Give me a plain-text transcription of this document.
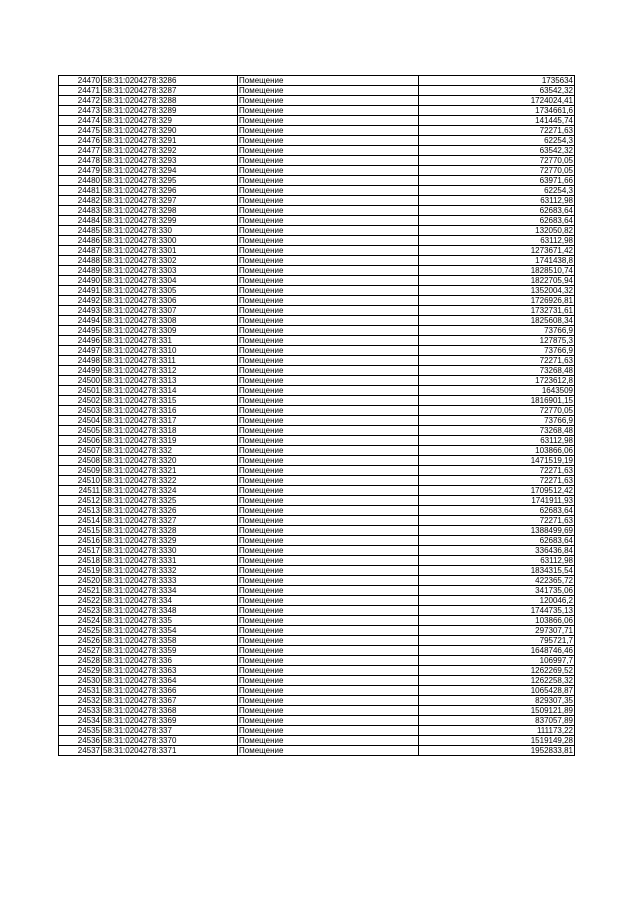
24470	58:31:0204278:3286	Помещение	1735634
24471	58:31:0204278:3287	Помещение	63542,32
24472	58:31:0204278:3288	Помещение	1724024,41
24473	58:31:0204278:3289	Помещение	1734661,6
24474	58:31:0204278:329	Помещение	141445,74
24475	58:31:0204278:3290	Помещение	72271,63
24476	58:31:0204278:3291	Помещение	62254,3
24477	58:31:0204278:3292	Помещение	63542,32
24478	58:31:0204278:3293	Помещение	72770,05
24479	58:31:0204278:3294	Помещение	72770,05
24480	58:31:0204278:3295	Помещение	63971,66
24481	58:31:0204278:3296	Помещение	62254,3
24482	58:31:0204278:3297	Помещение	63112,98
24483	58:31:0204278:3298	Помещение	62683,64
24484	58:31:0204278:3299	Помещение	62683,64
24485	58:31:0204278:330	Помещение	132050,82
24486	58:31:0204278:3300	Помещение	63112,98
24487	58:31:0204278:3301	Помещение	1273671,42
24488	58:31:0204278:3302	Помещение	1741438,8
24489	58:31:0204278:3303	Помещение	1828510,74
24490	58:31:0204278:3304	Помещение	1822705,94
24491	58:31:0204278:3305	Помещение	1352004,32
24492	58:31:0204278:3306	Помещение	1726926,81
24493	58:31:0204278:3307	Помещение	1732731,61
24494	58:31:0204278:3308	Помещение	1825608,34
24495	58:31:0204278:3309	Помещение	73766,9
24496	58:31:0204278:331	Помещение	127875,3
24497	58:31:0204278:3310	Помещение	73766,9
24498	58:31:0204278:3311	Помещение	72271,63
24499	58:31:0204278:3312	Помещение	73268,48
24500	58:31:0204278:3313	Помещение	1723612,8
24501	58:31:0204278:3314	Помещение	1643509
24502	58:31:0204278:3315	Помещение	1816901,15
24503	58:31:0204278:3316	Помещение	72770,05
24504	58:31:0204278:3317	Помещение	73766,9
24505	58:31:0204278:3318	Помещение	73268,48
24506	58:31:0204278:3319	Помещение	63112,98
24507	58:31:0204278:332	Помещение	103866,06
24508	58:31:0204278:3320	Помещение	1471519,19
24509	58:31:0204278:3321	Помещение	72271,63
24510	58:31:0204278:3322	Помещение	72271,63
24511	58:31:0204278:3324	Помещение	1709512,42
24512	58:31:0204278:3325	Помещение	1741911,93
24513	58:31:0204278:3326	Помещение	62683,64
24514	58:31:0204278:3327	Помещение	72271,63
24515	58:31:0204278:3328	Помещение	1388499,69
24516	58:31:0204278:3329	Помещение	62683,64
24517	58:31:0204278:3330	Помещение	336436,84
24518	58:31:0204278:3331	Помещение	63112,98
24519	58:31:0204278:3332	Помещение	1834315,54
24520	58:31:0204278:3333	Помещение	422365,72
24521	58:31:0204278:3334	Помещение	341735,06
24522	58:31:0204278:334	Помещение	120046,2
24523	58:31:0204278:3348	Помещение	1744735,13
24524	58:31:0204278:335	Помещение	103866,06
24525	58:31:0204278:3354	Помещение	297307,71
24526	58:31:0204278:3358	Помещение	795721,7
24527	58:31:0204278:3359	Помещение	1648746,46
24528	58:31:0204278:336	Помещение	106997,7
24529	58:31:0204278:3363	Помещение	1262269,52
24530	58:31:0204278:3364	Помещение	1262258,32
24531	58:31:0204278:3366	Помещение	1065428,87
24532	58:31:0204278:3367	Помещение	829307,35
24533	58:31:0204278:3368	Помещение	1509121,89
24534	58:31:0204278:3369	Помещение	837057,89
24535	58:31:0204278:337	Помещение	111173,22
24536	58:31:0204278:3370	Помещение	1519149,28
24537	58:31:0204278:3371	Помещение	1952833,81
